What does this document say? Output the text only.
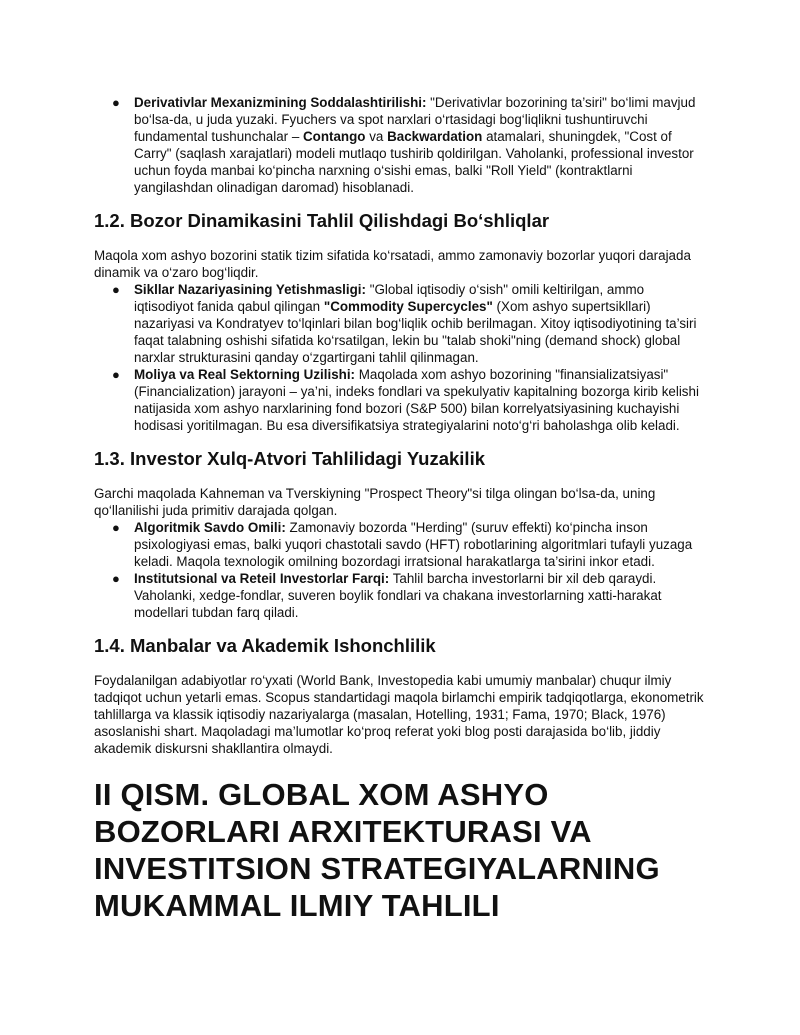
● Derivativlar Mexanizmining Soddalashtirilishi: "Derivativlar bozorining ta’siri" bo‘limi mavjud bo‘lsa-da, u juda yuzaki. Fyuchers va spot narxlari o‘rtasidagi bog‘liqlikni tushuntiruvchi fundamental tushunchalar – Contango va Backwardation atamalari, shuningdek, "Cost of Carry" (saqlash xarajatlari) modeli mutlaqo tushirib qoldirilgan. Vaholanki, professional investor uchun foyda manbai ko‘pincha narxning o‘sishi emas, balki "Roll Yield" (kontraktlarni yangilashdan olinadigan daromad) hisoblanadi.
1.2. Bozor Dinamikasini Tahlil Qilishdagi Bo‘shliqlar

Maqola xom ashyo bozorini statik tizim sifatida ko‘rsatadi, ammo zamonaviy bozorlar yuqori darajada dinamik va o‘zaro bog‘liqdir.

● Sikllar Nazariyasining Yetishmasligi: "Global iqtisodiy o‘sish" omili keltirilgan, ammo iqtisodiyot fanida qabul qilingan "Commodity Supercycles" (Xom ashyo supertsikllari) nazariyasi va Kondratyev to‘lqinlari bilan bog‘liqlik ochib berilmagan. Xitoy iqtisodiyotining ta’siri faqat talabning oshishi sifatida ko‘rsatilgan, lekin bu "talab shoki"ning (demand shock) global narxlar strukturasini qanday o‘zgartirgani tahlil qilinmagan.
● Moliya va Real Sektorning Uzilishi: Maqolada xom ashyo bozorining "finansializatsiyasi" (Financialization) jarayoni – ya’ni, indeks fondlari va spekulyativ kapitalning bozorga kirib kelishi natijasida xom ashyo narxlarining fond bozori (S&P 500) bilan korrelyatsiyasining kuchayishi hodisasi yoritilmagan. Bu esa diversifikatsiya strategiyalarini noto‘g‘ri baholashga olib keladi.
1.3. Investor Xulq-Atvori Tahlilidagi Yuzakilik

Garchi maqolada Kahneman va Tverskiyning "Prospect Theory"si tilga olingan bo‘lsa-da, uning qo‘llanilishi juda primitiv darajada qolgan.

● Algoritmik Savdo Omili: Zamonaviy bozorda "Herding" (suruv effekti) ko‘pincha inson psixologiyasi emas, balki yuqori chastotali savdo (HFT) robotlarining algoritmlari tufayli yuzaga keladi. Maqola texnologik omilning bozordagi irratsional harakatlarga ta’sirini inkor etadi.
● Institutsional va Reteil Investorlar Farqi: Tahlil barcha investorlarni bir xil deb qaraydi. Vaholanki, xedge-fondlar, suveren boylik fondlari va chakana investorlarning xatti-harakat modellari tubdan farq qiladi.
1.4. Manbalar va Akademik Ishonchlilik

Foydalanilgan adabiyotlar ro‘yxati (World Bank, Investopedia kabi umumiy manbalar) chuqur ilmiy tadqiqot uchun yetarli emas. Scopus standartidagi maqola birlamchi empirik tadqiqotlarga, ekonometrik tahlillarga va klassik iqtisodiy nazariyalarga (masalan, Hotelling, 1931; Fama, 1970; Black, 1976) asoslanishi shart. Maqoladagi ma’lumotlar ko‘proq referat yoki blog posti darajasida bo‘lib, jiddiy akademik diskursni shakllantira olmaydi.

II QISM. GLOBAL XOM ASHYO BOZORLARI ARXITEKTURASI VA INVESTITSION STRATEGIYALARNING MUKAMMAL ILMIY TAHLILI
